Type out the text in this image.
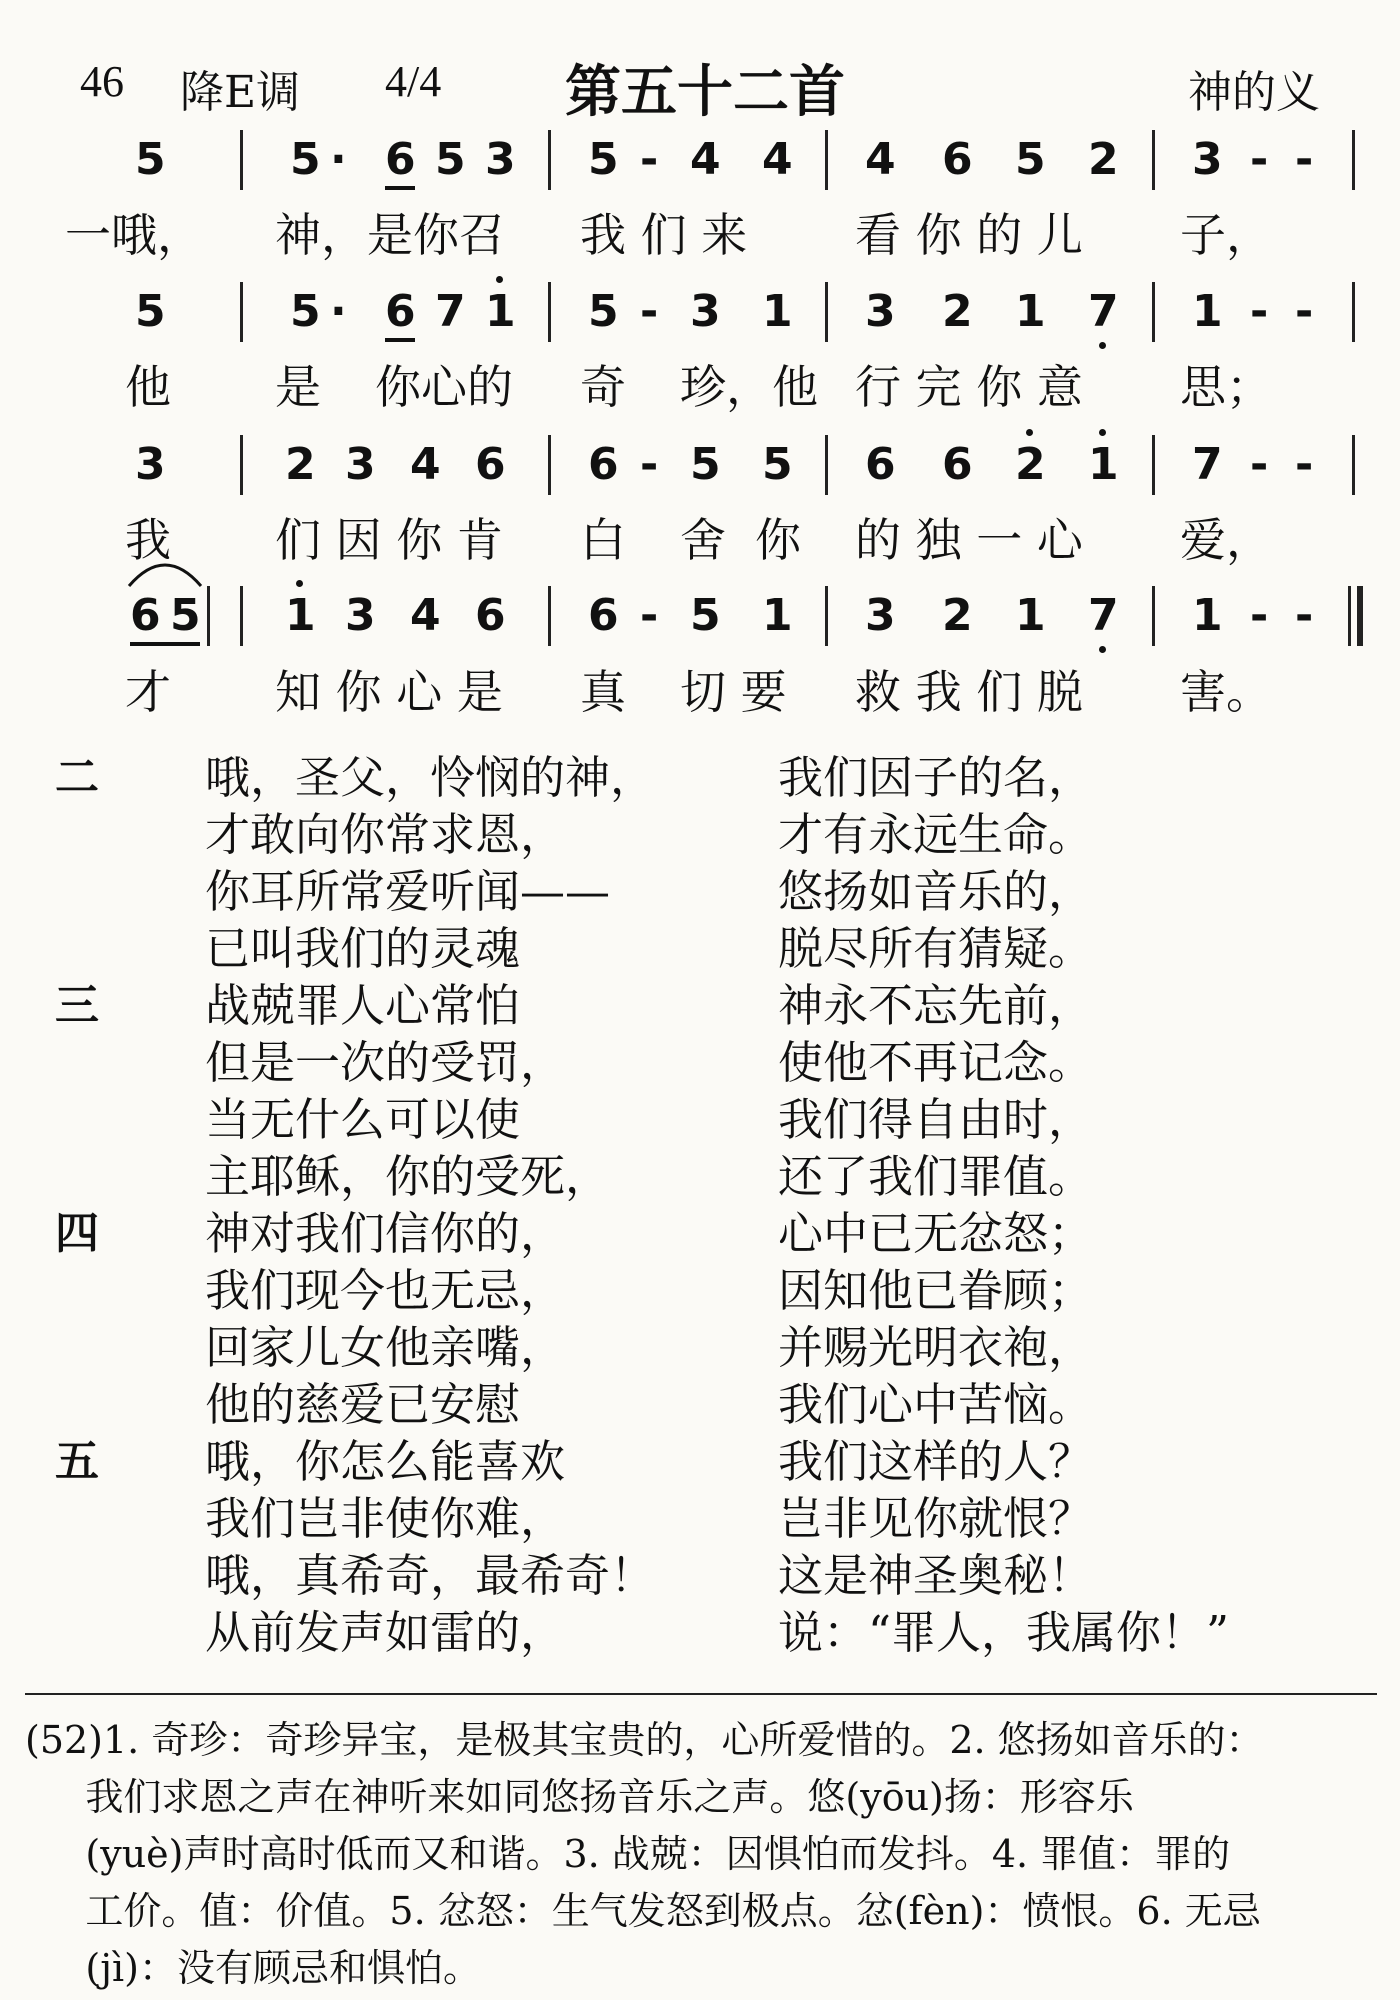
46 降E调 4/4 第五十二首	神的义
5	5 · 6 5 3 5 - 4 4 4 6 5 2 3 - -
一哦， 神，是你召 我 们 来 看 你 的 儿 子，
5	5 · 6 7 1 5 - 3 1 3 2 1 7 1 - -
他 是 你心的 奇 珍，他 行 完 你 意 思；
3	2 3 4 6 6 - 5 5 6 6 2 1 7 - -
我 们 因 你 肯 白 舍 你 的 独 一 心 爱，
6 5 1 3 4 6 6 - 5 1 3 2 1 7 1 - -
才 知 你 心 是 真 切 要 救 我 们 脱 害。
二 哦，圣父，怜悯的神，	我们因子的名，
才敢向你常求恩，	才有永远生命。
你耳所常爱听闻——	悠扬如音乐的，
已叫我们的灵魂	脱尽所有猜疑。
三 战兢罪人心常怕	神永不忘先前，
但是一次的受罚，	使他不再记念。
当无什么可以使	我们得自由时，
主耶稣，你的受死，	还了我们罪值。
四 神对我们信你的，	心中已无忿怒；
我们现今也无忌，	因知他已眷顾；
回家儿女他亲嘴，	并赐光明衣袍，
他的慈爱已安慰	我们心中苦恼。
五 哦，你怎么能喜欢	我们这样的人？
我们岂非使你难，	岂非见你就恨？
哦，真希奇，最希奇！	这是神圣奥秘！
从前发声如雷的，	说：“罪人，我属你！”

(52)1. 奇珍：奇珍异宝，是极其宝贵的，心所爱惜的。2. 悠扬如音乐的：

我们求恩之声在神听来如同悠扬音乐之声。悠(yōu)扬：形容乐

(yuè)声时高时低而又和谐。3. 战兢：因惧怕而发抖。4. 罪值：罪的

工价。值：价值。5. 忿怒：生气发怒到极点。忿(fèn)：愤恨。6. 无忌

(jì)：没有顾忌和惧怕。
